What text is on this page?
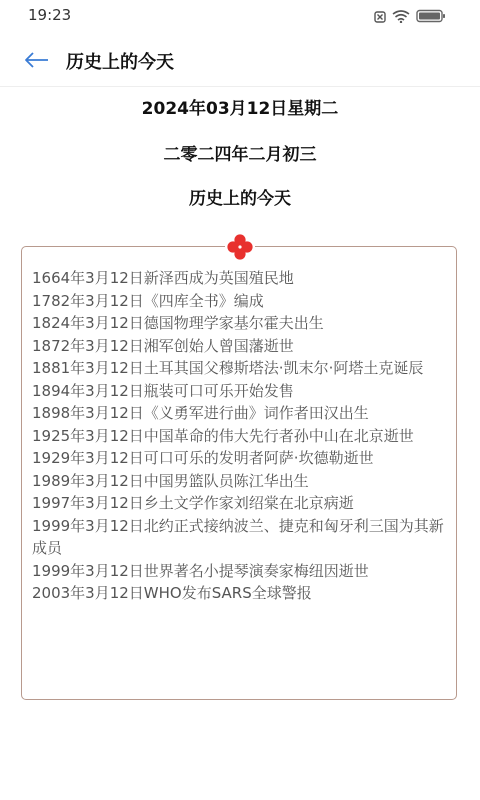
19:23
历史上的今天
2024年03月12日星期二
二零二四年二月初三
历史上的今天
1664年3月12日新泽西成为英国殖民地
1782年3月12日《四库全书》编成
1824年3月12日德国物理学家基尔霍夫出生
1872年3月12日湘军创始人曾国藩逝世
1881年3月12日土耳其国父穆斯塔法·凯末尔·阿塔土克诞辰
1894年3月12日瓶装可口可乐开始发售
1898年3月12日《义勇军进行曲》词作者田汉出生
1925年3月12日中国革命的伟大先行者孙中山在北京逝世
1929年3月12日可口可乐的发明者阿萨·坎德勒逝世
1989年3月12日中国男篮队员陈江华出生
1997年3月12日乡土文学作家刘绍棠在北京病逝
1999年3月12日北约正式接纳波兰、捷克和匈牙利三国为其新成员
1999年3月12日世界著名小提琴演奏家梅纽因逝世
2003年3月12日WHO发布SARS全球警报
